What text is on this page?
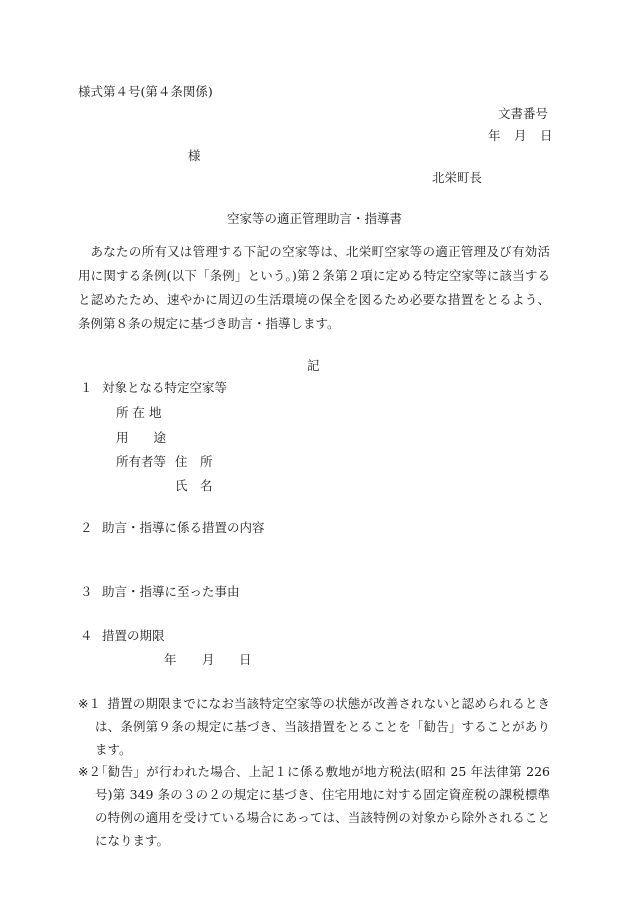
様式第４号(第４条関係)
文書番号
年 月 日
様
北栄町長
空家等の適正管理助言・指導書
あなたの所有又は管理する下記の空家等は、北栄町空家等の適正管理及び有効活用に関する条例(以下「条例」という。)第２条第２項に定める特定空家等に該当すると認めたため、速やかに周辺の生活環境の保全を図るため必要な措置をとるよう、条例第８条の規定に基づき助言・指導します。
記
１ 対象となる特定空家等
所 在 地
用　　途
所有者等 住　所
氏　名
２ 助言・指導に係る措置の内容
３ 助言・指導に至った事由
４ 措置の期限
年 月 日
※１ 措置の期限までになお当該特定空家等の状態が改善されないと認められるときは、条例第９条の規定に基づき、当該措置をとることを「勧告」することがあります。
※２
「勧告」が行われた場合、上記１に係る敷地が地方税法(昭和 25 年法律第 226 号)第 349 条の３の２の規定に基づき、住宅用地に対する固定資産税の課税標準の特例の適用を受けている場合にあっては、当該特例の対象から除外されることになります。
